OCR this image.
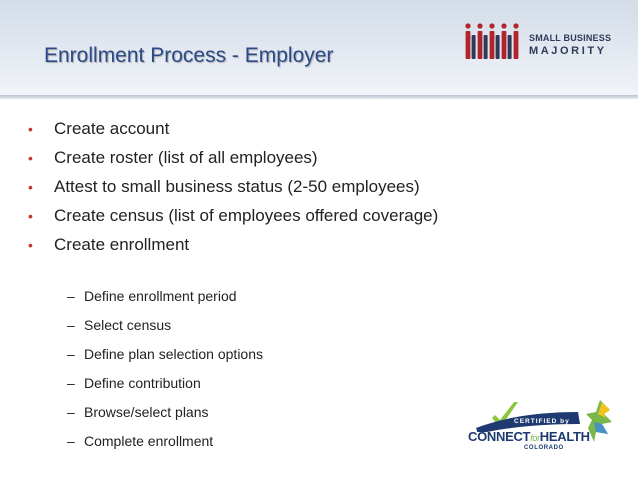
Enrollment Process - Employer
SMALL BUSINESS
MAJORITY
• Create account
• Create roster (list of all employees)
• Attest to small business status (2-50 employees)
• Create census (list of employees offered coverage)
• Create enrollment
– Define enrollment period
– Select census
– Define plan selection options
– Define contribution
– Browse/select plans
– Complete enrollment
CERTIFIED by
CONNECTforHEALTH
COLORADO
